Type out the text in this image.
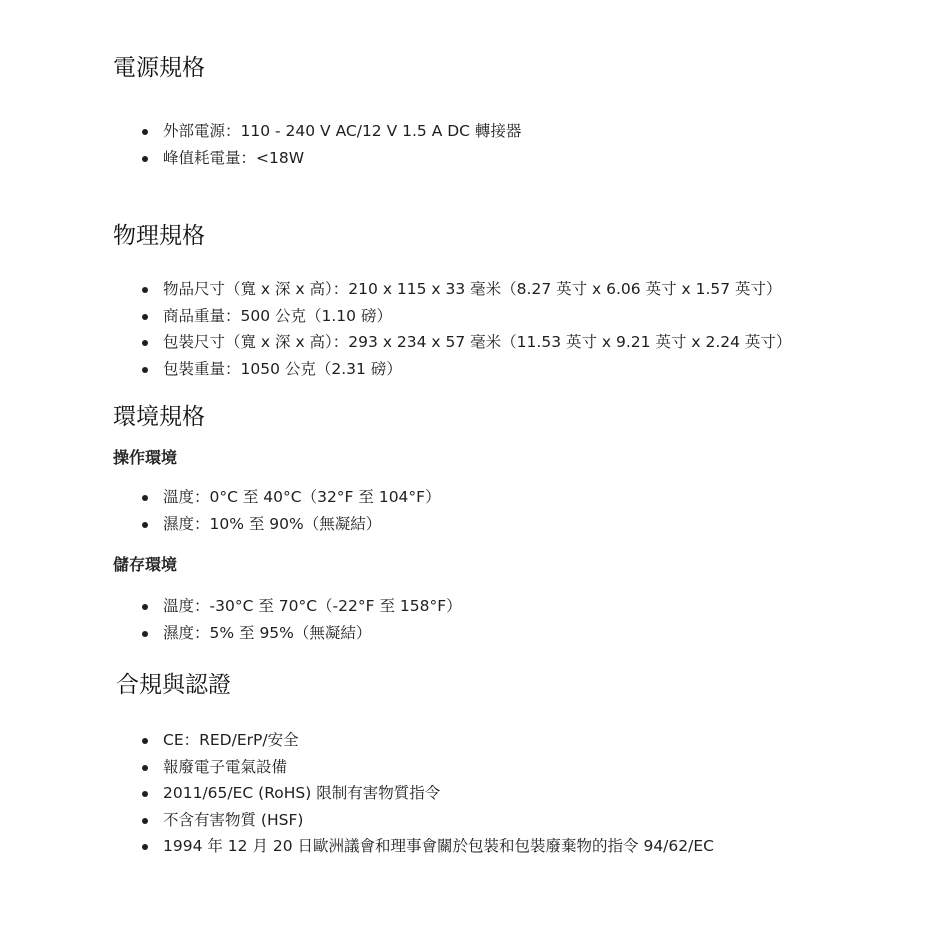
電源規格
外部電源：110 - 240 V AC/12 V 1.5 A DC 轉接器
峰值耗電量：<18W
物理規格
物品尺寸（寬 x 深 x 高）：210 x 115 x 33 毫米（8.27 英寸 x 6.06 英寸 x 1.57 英寸）
商品重量：500 公克（1.10 磅）
包裝尺寸（寬 x 深 x 高）：293 x 234 x 57 毫米（11.53 英寸 x 9.21 英寸 x 2.24 英寸）
包裝重量：1050 公克（2.31 磅）
環境規格
操作環境
溫度：0°C 至 40°C（32°F 至 104°F）
濕度：10% 至 90%（無凝結）
儲存環境
溫度：-30°C 至 70°C（-22°F 至 158°F）
濕度：5% 至 95%（無凝結）
合規與認證
CE：RED/ErP/安全
報廢電子電氣設備
2011/65/EC (RoHS) 限制有害物質指令
不含有害物質 (HSF)
1994 年 12 月 20 日歐洲議會和理事會關於包裝和包裝廢棄物的指令 94/62/EC
